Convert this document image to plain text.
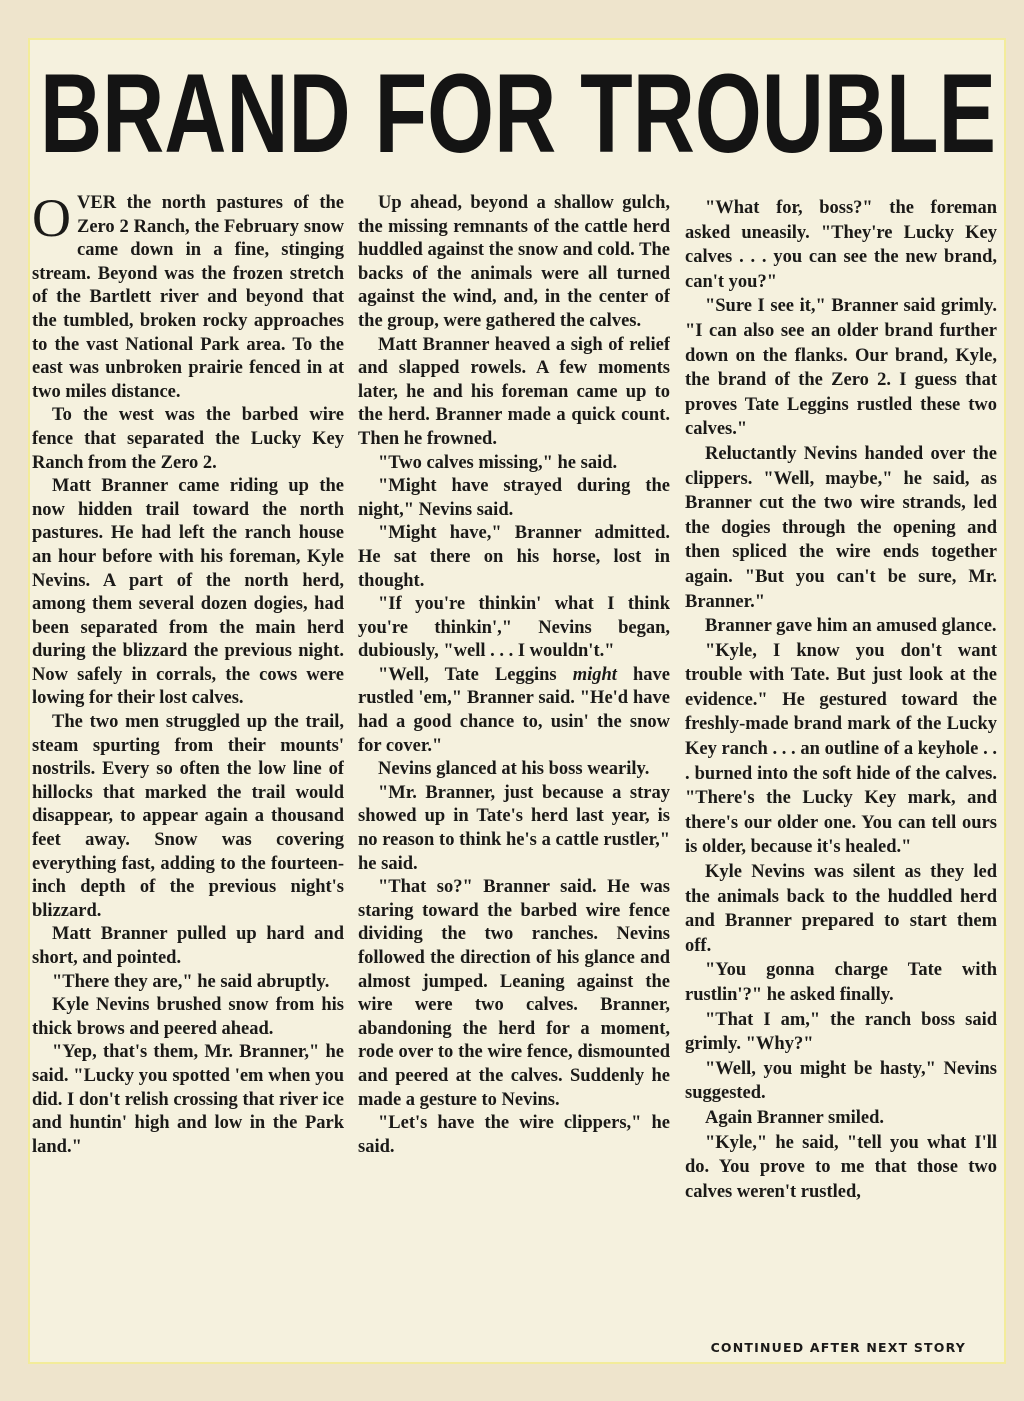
BRAND FOR TROUBLE

OVER the north pastures of the Zero 2 Ranch, the February snow came down in a fine, stinging stream. Beyond was the frozen stretch of the Bartlett river and beyond that the tumbled, broken rocky approaches to the vast National Park area. To the east was unbroken prairie fenced in at two miles distance.

To the west was the barbed wire fence that separated the Lucky Key Ranch from the Zero 2.

Matt Branner came riding up the now hidden trail toward the north pastures. He had left the ranch house an hour before with his foreman, Kyle Nevins. A part of the north herd, among them several dozen dogies, had been separated from the main herd during the blizzard the previous night. Now safely in corrals, the cows were lowing for their lost calves.

The two men struggled up the trail, steam spurting from their mounts' nostrils. Every so often the low line of hillocks that marked the trail would disappear, to appear again a thousand feet away. Snow was covering everything fast, adding to the fourteen-inch depth of the previous night's blizzard.

Matt Branner pulled up hard and short, and pointed.

"There they are," he said abruptly.

Kyle Nevins brushed snow from his thick brows and peered ahead.

"Yep, that's them, Mr. Branner," he said. "Lucky you spotted 'em when you did. I don't relish crossing that river ice and huntin' high and low in the Park land."

Up ahead, beyond a shallow gulch, the missing remnants of the cattle herd huddled against the snow and cold. The backs of the animals were all turned against the wind, and, in the center of the group, were gathered the calves.

Matt Branner heaved a sigh of relief and slapped rowels. A few moments later, he and his foreman came up to the herd. Branner made a quick count. Then he frowned.

"Two calves missing," he said.

"Might have strayed during the night," Nevins said.

"Might have," Branner admitted. He sat there on his horse, lost in thought.

"If you're thinkin' what I think you're thinkin'," Nevins began, dubiously, "well . . . I wouldn't."

"Well, Tate Leggins might have rustled 'em," Branner said. "He'd have had a good chance to, usin' the snow for cover."

Nevins glanced at his boss wearily.

"Mr. Branner, just because a stray showed up in Tate's herd last year, is no reason to think he's a cattle rustler," he said.

"That so?" Branner said. He was staring toward the barbed wire fence dividing the two ranches. Nevins followed the direction of his glance and almost jumped. Leaning against the wire were two calves. Branner, abandoning the herd for a moment, rode over to the wire fence, dismounted and peered at the calves. Suddenly he made a gesture to Nevins.

"Let's have the wire clippers," he said.

"What for, boss?" the foreman asked uneasily. "They're Lucky Key calves . . . you can see the new brand, can't you?"

"Sure I see it," Branner said grimly. "I can also see an older brand further down on the flanks. Our brand, Kyle, the brand of the Zero 2. I guess that proves Tate Leggins rustled these two calves."

Reluctantly Nevins handed over the clippers. "Well, maybe," he said, as Branner cut the two wire strands, led the dogies through the opening and then spliced the wire ends together again. "But you can't be sure, Mr. Branner."

Branner gave him an amused glance.

"Kyle, I know you don't want trouble with Tate. But just look at the evidence." He gestured toward the freshly-made brand mark of the Lucky Key ranch . . . an outline of a keyhole . . . burned into the soft hide of the calves. "There's the Lucky Key mark, and there's our older one. You can tell ours is older, because it's healed."

Kyle Nevins was silent as they led the animals back to the huddled herd and Branner prepared to start them off.

"You gonna charge Tate with rustlin'?" he asked finally.

"That I am," the ranch boss said grimly. "Why?"

"Well, you might be hasty," Nevins suggested.

Again Branner smiled.

"Kyle," he said, "tell you what I'll do. You prove to me that those two calves weren't rustled,

CONTINUED AFTER NEXT STORY
